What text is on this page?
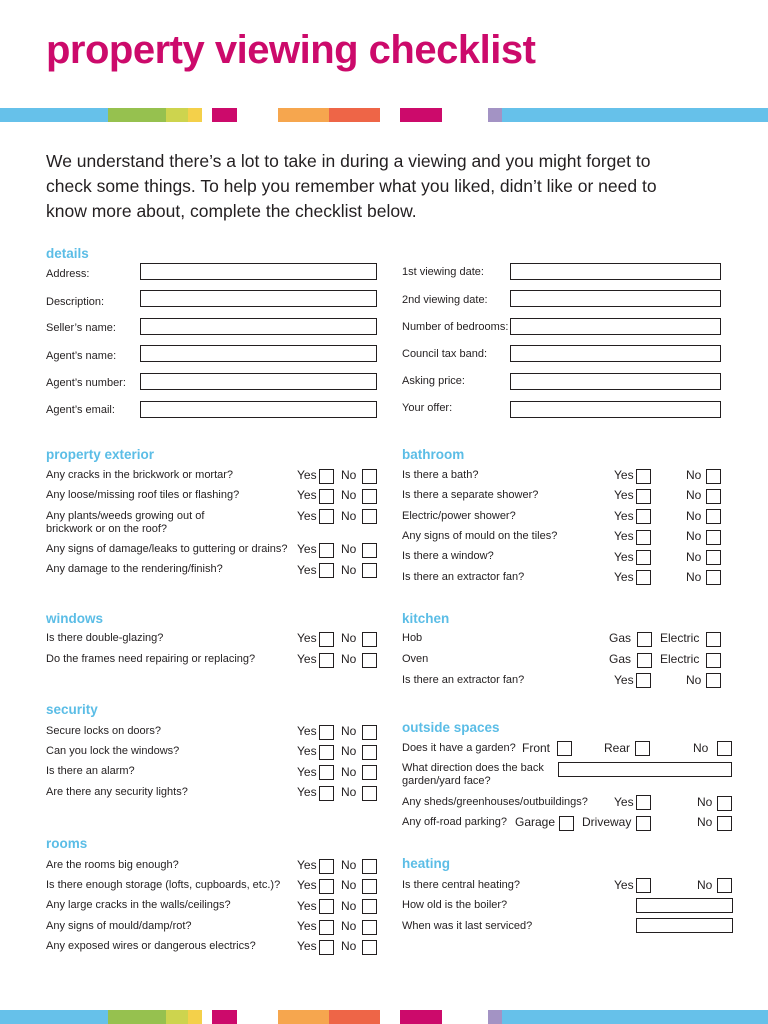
property viewing checklist
We understand there’s a lot to take in during a viewing and you might forget to check some things. To help you remember what you liked, didn’t like or need to know more about, complete the checklist below.
details
Address:
Description:
Seller’s name:
Agent’s name:
Agent’s number:
Agent’s email:
1st viewing date:
2nd viewing date:
Number of bedrooms:
Council tax band:
Asking price:
Your offer:
property exterior
Any cracks in the brickwork or mortar?	Yes No
Any loose/missing roof tiles or flashing?	Yes No
Any plants/weeds growing out of
brickwork or on the roof?
Yes No
Any signs of damage/leaks to guttering or drains? Yes No
Any damage to the rendering/finish?	Yes No
windows
Is there double-glazing?	Yes No
Do the frames need repairing or replacing?	Yes No
security
Secure locks on doors?	Yes No
Can you lock the windows?	Yes No
Is there an alarm?	Yes No
Are there any security lights?	Yes No
rooms
Are the rooms big enough?	Yes No
Is there enough storage (lofts, cupboards, etc.)? Yes No
Any large cracks in the walls/ceilings?	Yes No
Any signs of mould/damp/rot?	Yes No
Any exposed wires or dangerous electrics?	Yes No
bathroom
Is there a bath?	Yes	No
Is there a separate shower?	Yes	No
Electric/power shower?	Yes	No
Any signs of mould on the tiles?	Yes	No
Is there a window?	Yes	No
Is there an extractor fan?	Yes	No
kitchen
Hob	Gas Electric
Oven	Gas Electric
Is there an extractor fan?	Yes	No
outside spaces
Does it have a garden? Front	Rear	No
What direction does the back
garden/yard face?
Any sheds/greenhouses/outbuildings? Yes	No
Any off-road parking? Garage Driveway	No
heating
Is there central heating?	Yes	No
How old is the boiler?
When was it last serviced?
